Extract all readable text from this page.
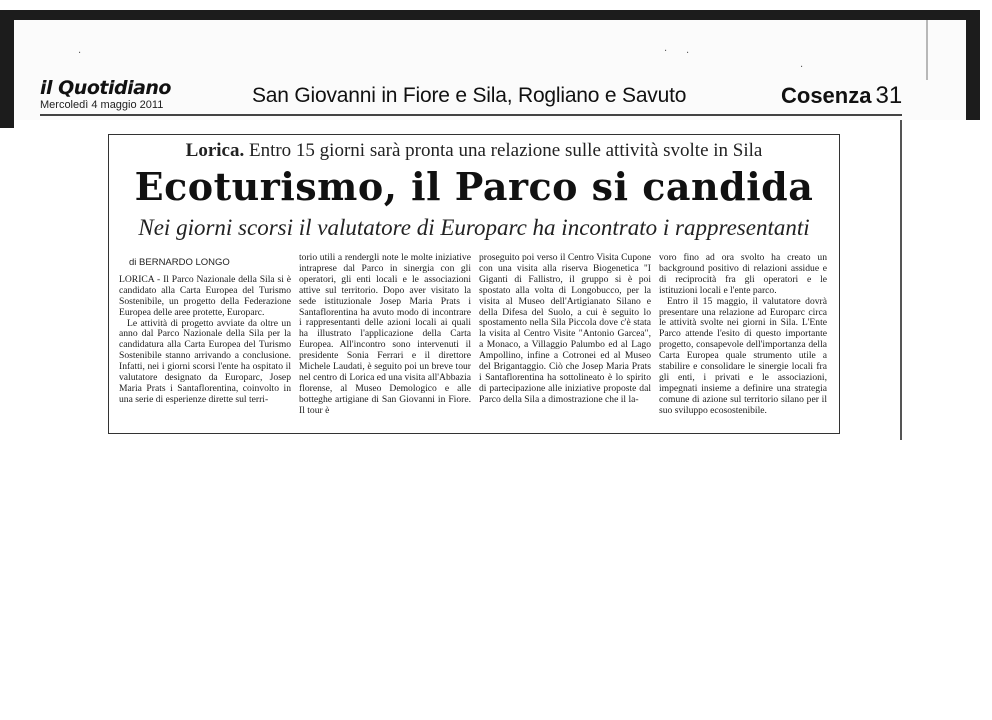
il Quotidiano
Mercoledì 4 maggio 2011	San Giovanni in Fiore e Sila, Rogliano e Savuto	Cosenza 31
· ·
·
·
Lorica. Entro 15 giorni sarà pronta una relazione sulle attività svolte in Sila
Ecoturismo, il Parco si candida
Nei giorni scorsi il valutatore di Europarc ha incontrato i rappresentanti
di BERNARDO LONGO

LORICA - Il Parco Nazionale della Sila si è candidato alla Carta Europea del Turismo Sostenibile, un progetto della Federazione Europea delle aree protette, Europarc.

Le attività di progetto avviate da oltre un anno dal Parco Nazionale della Sila per la candidatura alla Carta Europea del Turismo Sostenibile stanno arrivando a conclusione. Infatti, nei i giorni scorsi l'ente ha ospitato il valutatore designato da Europarc, Josep Maria Prats i Santaflorentina, coinvolto in una serie di esperienze dirette sul terri-

torio utili a rendergli note le molte iniziative intraprese dal Parco in sinergia con gli operatori, gli enti locali e le associazioni attive sul territorio. Dopo aver visitato la sede istituzionale Josep Maria Prats i Santaflorentina ha avuto modo di incontrare i rappresentanti delle azioni locali ai quali ha illustrato l'applicazione della Carta Europea. All'incontro sono intervenuti il presidente Sonia Ferrari e il direttore Michele Laudati, è seguito poi un breve tour nel centro di Lorica ed una visita all'Abbazia florense, al Museo Demologico e alle botteghe artigiane di San Giovanni in Fiore. Il tour è

proseguito poi verso il Centro Visita Cupone con una visita alla riserva Biogenetica "I Giganti di Fallistro, il gruppo si è poi spostato alla volta di Longobucco, per la visita al Museo dell'Artigianato Silano e della Difesa del Suolo, a cui è seguito lo spostamento nella Sila Piccola dove c'è stata la visita al Centro Visite "Antonio Garcea", a Monaco, a Villaggio Palumbo ed al Lago Ampollino, infine a Cotronei ed al Museo del Brigantaggio. Ciò che Josep Maria Prats i Santaflorentina ha sottolineato è lo spirito di partecipazione alle iniziative proposte dal Parco della Sila a dimostrazione che il la-

voro fino ad ora svolto ha creato un background positivo di relazioni assidue e di reciprocità fra gli operatori e le istituzioni locali e l'ente parco.

Entro il 15 maggio, il valutatore dovrà presentare una relazione ad Europarc circa le attività svolte nei giorni in Sila. L'Ente Parco attende l'esito di questo importante progetto, consapevole dell'importanza della Carta Europea quale strumento utile a stabilire e consolidare le sinergie locali fra gli enti, i privati e le associazioni, impegnati insieme a definire una strategia comune di azione sul territorio silano per il suo sviluppo ecosostenibile.
